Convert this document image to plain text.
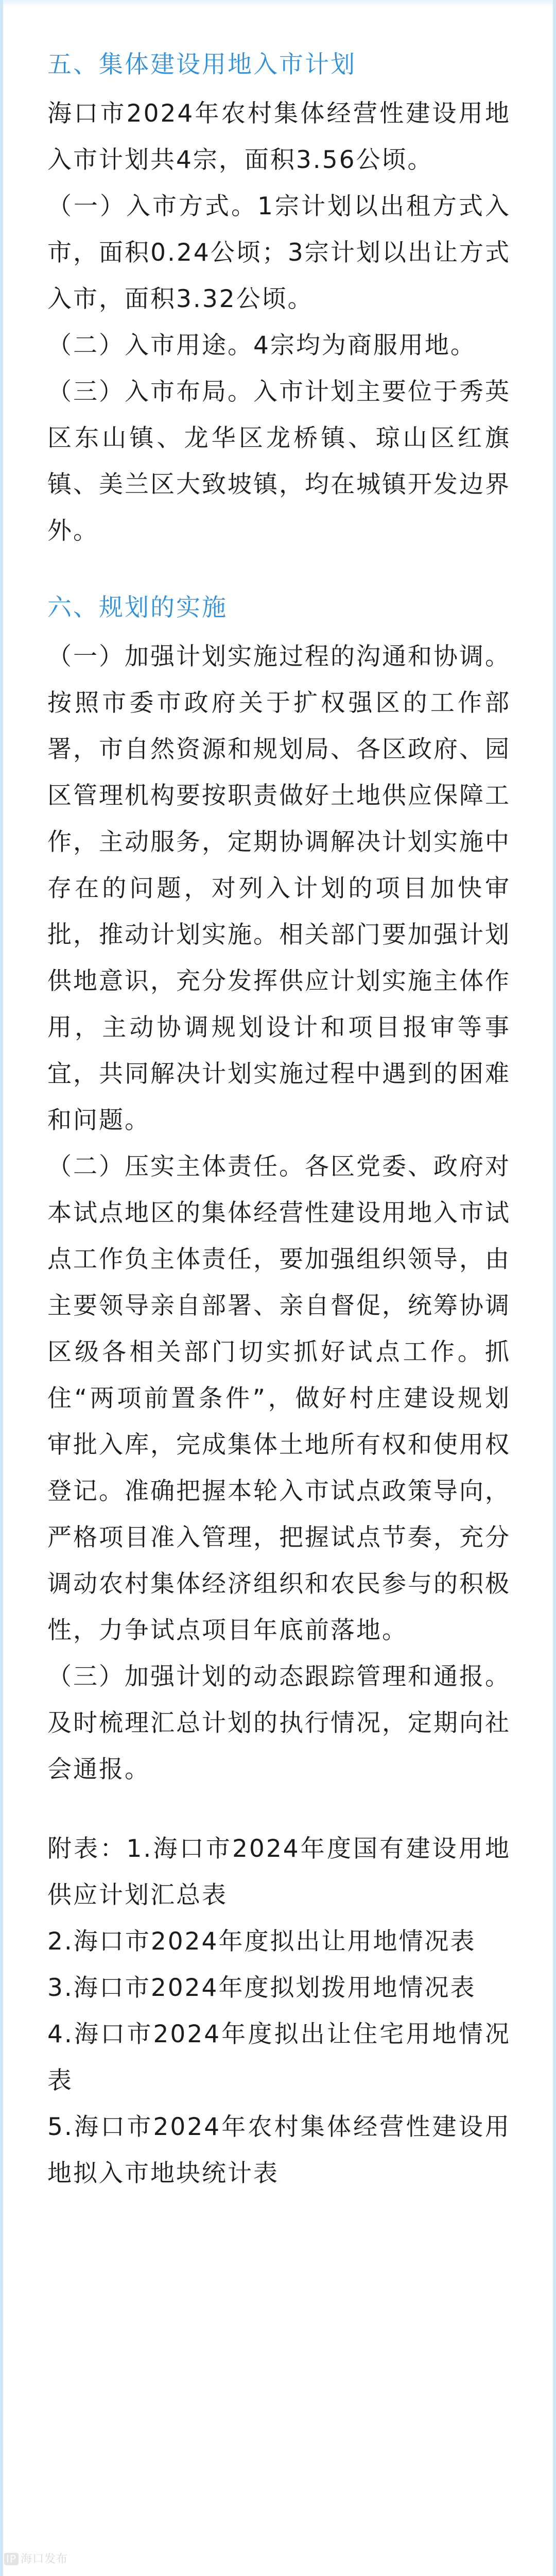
五、集体建设用地入市计划

海口市2024年农村集体经营性建设用地入市计划共4宗，面积3.56公顷。

（一）入市方式。1宗计划以出租方式入市，面积0.24公顷；3宗计划以出让方式入市，面积3.32公顷。

（二）入市用途。4宗均为商服用地。

（三）入市布局。入市计划主要位于秀英区东山镇、龙华区龙桥镇、琼山区红旗镇、美兰区大致坡镇，均在城镇开发边界外。

六、规划的实施

（一）加强计划实施过程的沟通和协调。按照市委市政府关于扩权强区的工作部署，市自然资源和规划局、各区政府、园区管理机构要按职责做好土地供应保障工作，主动服务，定期协调解决计划实施中存在的问题，对列入计划的项目加快审批，推动计划实施。相关部门要加强计划供地意识，充分发挥供应计划实施主体作用，主动协调规划设计和项目报审等事宜，共同解决计划实施过程中遇到的困难和问题。

（二）压实主体责任。各区党委、政府对本试点地区的集体经营性建设用地入市试点工作负主体责任，要加强组织领导，由主要领导亲自部署、亲自督促，统筹协调区级各相关部门切实抓好试点工作。抓住“两项前置条件”，做好村庄建设规划审批入库，完成集体土地所有权和使用权登记。准确把握本轮入市试点政策导向，严格项目准入管理，把握试点节奏，充分调动农村集体经济组织和农民参与的积极性，力争试点项目年底前落地。

（三）加强计划的动态跟踪管理和通报。及时梳理汇总计划的执行情况，定期向社会通报。

附表：1.海口市2024年度国有建设用地供应计划汇总表

2.海口市2024年度拟出让用地情况表

3.海口市2024年度拟划拨用地情况表

4.海口市2024年度拟出让住宅用地情况表

5.海口市2024年农村集体经营性建设用地拟入市地块统计表

IP 海口发布
